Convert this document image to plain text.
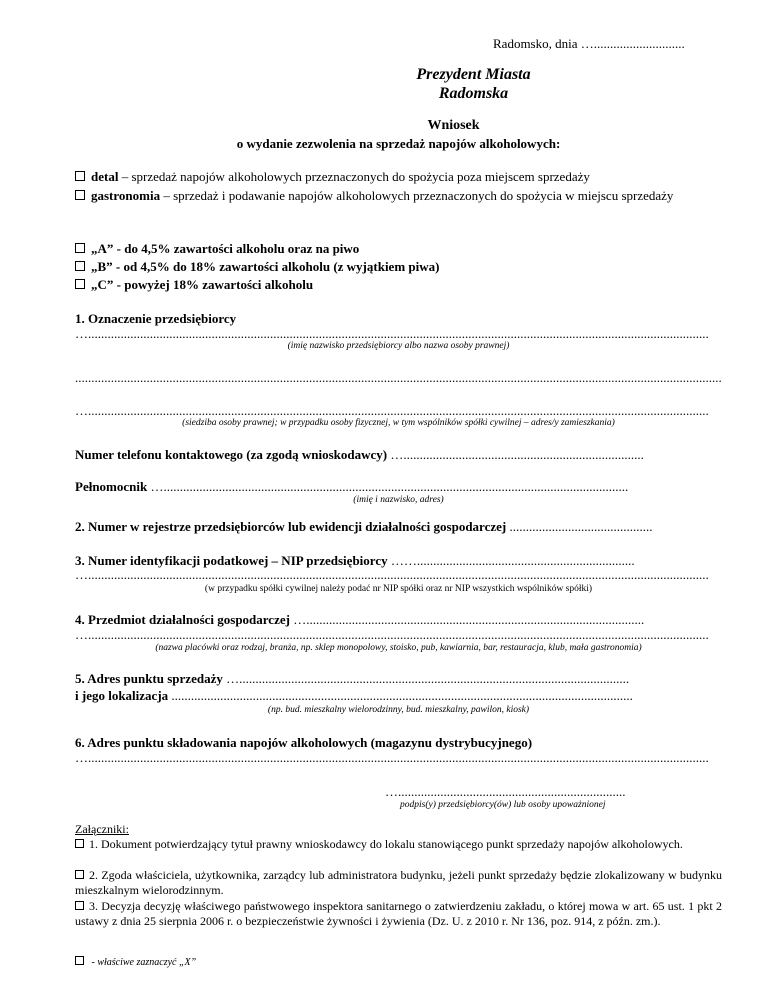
Radomsko, dnia …............................
Prezydent Miasta
Radomska
Wniosek
o wydanie zezwolenia na sprzedaż napojów alkoholowych:
detal – sprzedaż napojów alkoholowych przeznaczonych do spożycia poza miejscem sprzedaży
gastronomia – sprzedaż i podawanie napojów alkoholowych przeznaczonych do spożycia w miejscu sprzedaży
„A” - do 4,5% zawartości alkoholu oraz na piwo
„B” - od 4,5% do 18% zawartości alkoholu (z wyjątkiem piwa)
„C” - powyżej 18% zawartości alkoholu
1. Oznaczenie przedsiębiorcy
…...............................................................................................................................................................................................
(imię nazwisko przedsiębiorcy albo nazwa osoby prawnej)
.......................................................................................................................................................................................................
…...............................................................................................................................................................................................
(siedziba osoby prawnej; w przypadku osoby fizycznej, w tym wspólników spółki cywilnej – adres/y zamieszkania)
Numer telefonu kontaktowego (za zgodą wnioskodawcy) …..........................................................................
Pełnomocnik …...............................................................................................................................................
(imię i nazwisko, adres)
2. Numer w rejestrze przedsiębiorców lub ewidencji działalności gospodarczej ............................................
3. Numer identyfikacji podatkowej – NIP przedsiębiorcy ……...................................................................
…...............................................................................................................................................................................................
(w przypadku spółki cywilnej należy podać nr NIP spółki oraz nr NIP wszystkich wspólników spółki)
4. Przedmiot działalności gospodarczej …........................................................................................................
…...............................................................................................................................................................................................
(nazwa placówki oraz rodzaj, branża, np. sklep monopolowy, stoisko, pub, kawiarnia, bar, restauracja, klub, mała gastronomia)
5. Adres punktu sprzedaży …........................................................................................................................
i jego lokalizacja ..............................................................................................................................................
(np. bud. mieszkalny wielorodzinny, bud. mieszkalny, pawilon, kiosk)
6. Adres punktu składowania napojów alkoholowych (magazynu dystrybucyjnego)
…...............................................................................................................................................................................................
…......................................................................
podpis(y) przedsiębiorcy(ów) lub osoby upoważnionej
Załączniki:
1. Dokument potwierdzający tytuł prawny wnioskodawcy do lokalu stanowiącego punkt sprzedaży napojów alkoholowych.
2. Zgoda właściciela, użytkownika, zarządcy lub administratora budynku, jeżeli punkt sprzedaży będzie zlokalizowany w budynku mieszkalnym wielorodzinnym.
3. Decyzja decyzję właściwego państwowego inspektora sanitarnego o zatwierdzeniu zakładu, o której mowa w art. 65 ust. 1 pkt 2 ustawy z dnia 25 sierpnia 2006 r. o bezpieczeństwie żywności i żywienia (Dz. U. z 2010 r. Nr 136, poz. 914, z późn. zm.).
- właściwe zaznaczyć „X”
